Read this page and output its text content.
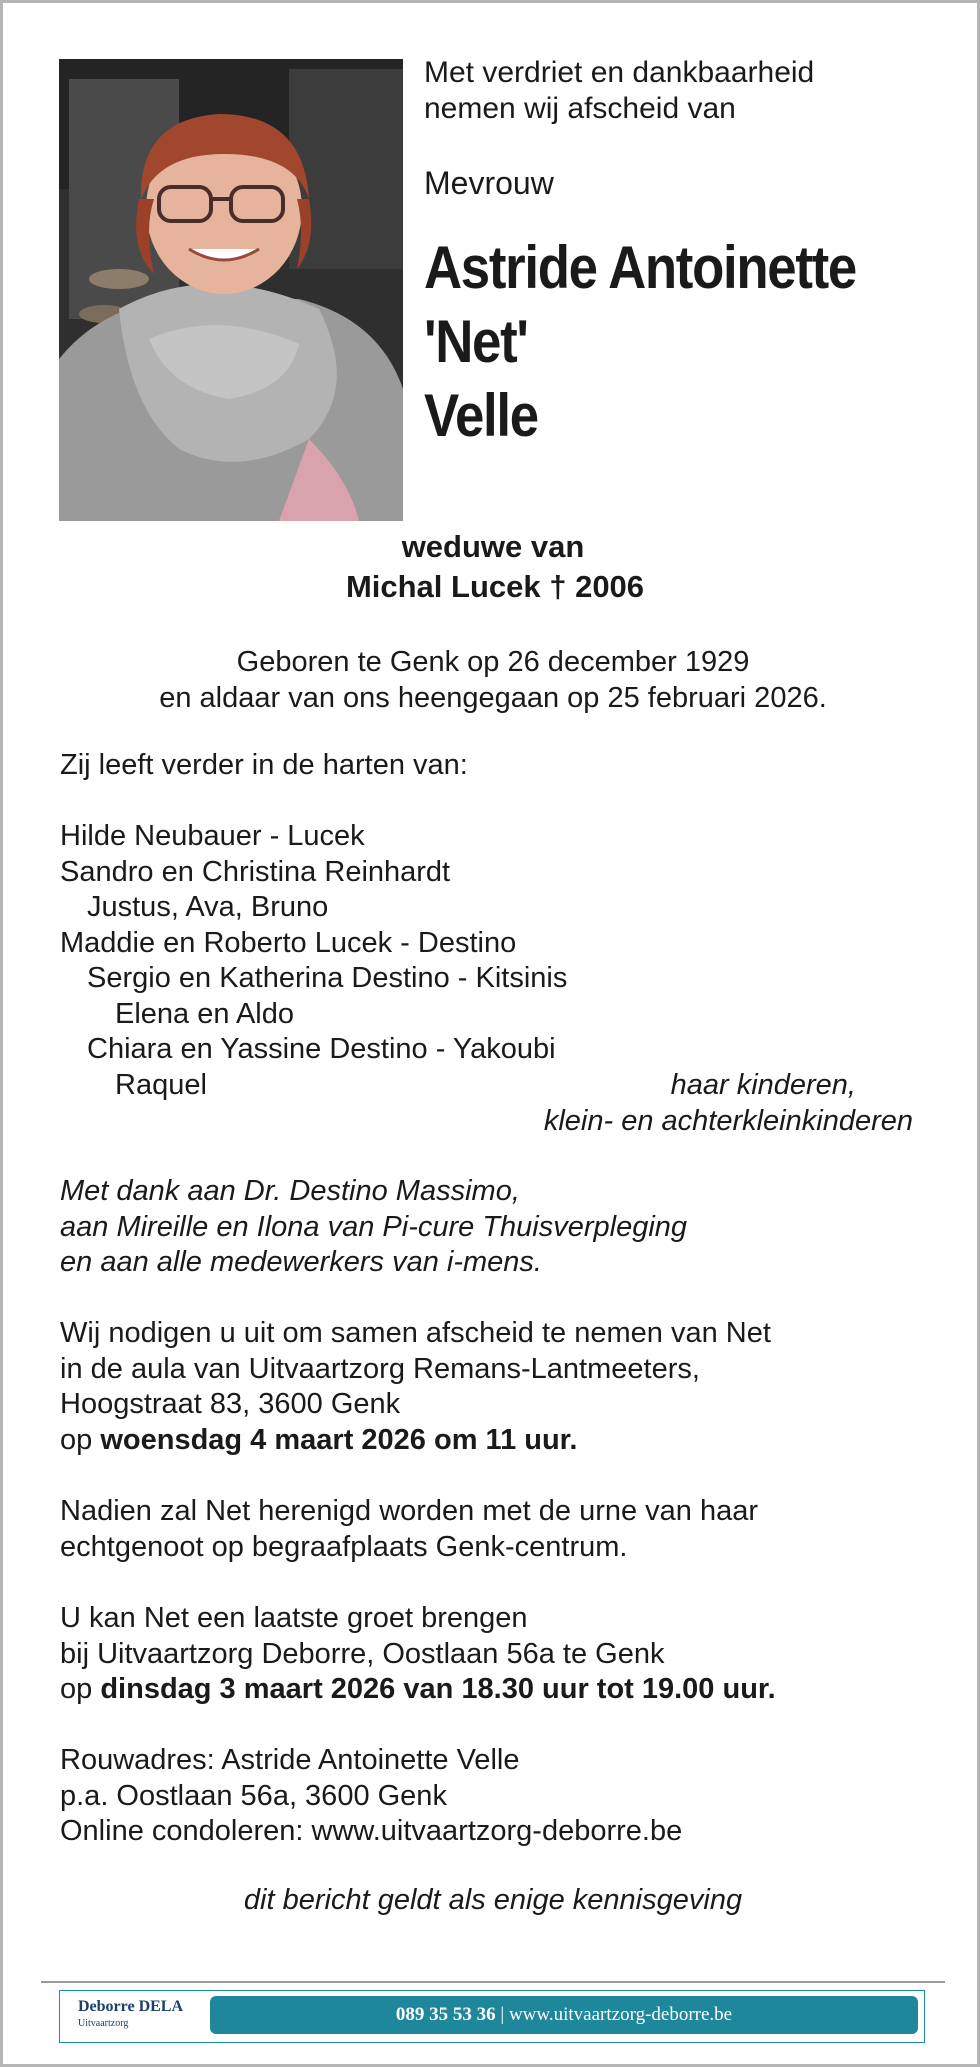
Met verdriet en dankbaarheid
nemen wij afscheid van
Mevrouw
Astride Antoinette
'Net'
Velle
weduwe van
Michal Lucek † 2006
Geboren te Genk op 26 december 1929
en aldaar van ons heengegaan op 25 februari 2026.
Zij leeft verder in de harten van:
Hilde Neubauer - Lucek
Sandro en Christina Reinhardt
Justus, Ava, Bruno
Maddie en Roberto Lucek - Destino
Sergio en Katherina Destino - Kitsinis
Elena en Aldo
Chiara en Yassine Destino - Yakoubi
Raquel	haar kinderen,
klein- en achterkleinkinderen

Met dank aan Dr. Destino Massimo,

aan Mireille en Ilona van Pi-cure Thuisverpleging

en aan alle medewerkers van i-mens.

Wij nodigen u uit om samen afscheid te nemen van Net

in de aula van Uitvaartzorg Remans-Lantmeeters,

Hoogstraat 83, 3600 Genk

op woensdag 4 maart 2026 om 11 uur.

Nadien zal Net herenigd worden met de urne van haar

echtgenoot op begraafplaats Genk-centrum.

U kan Net een laatste groet brengen

bij Uitvaartzorg Deborre, Oostlaan 56a te Genk

op dinsdag 3 maart 2026 van 18.30 uur tot 19.00 uur.

Rouwadres: Astride Antoinette Velle

p.a. Oostlaan 56a, 3600 Genk

Online condoleren: www.uitvaartzorg-deborre.be

dit bericht geldt als enige kennisgeving
Deborre DELA
Uitvaartzorg	089 35 53 36 | www.uitvaartzorg-deborre.be
